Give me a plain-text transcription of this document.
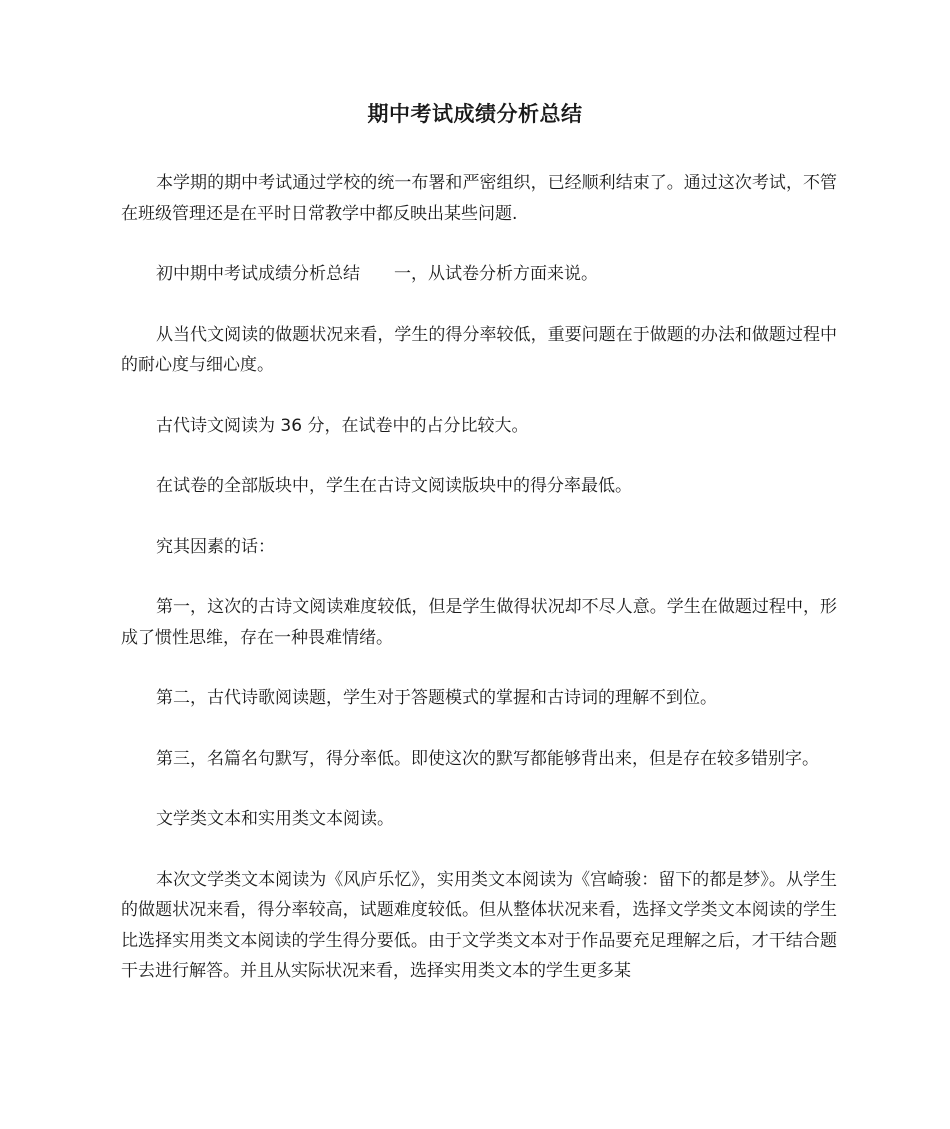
期中考试成绩分析总结

本学期的期中考试通过学校的统一布署和严密组织，已经顺利结束了。通过这次考试，不管在班级管理还是在平时日常教学中都反映出某些问题.

初中期中考试成绩分析总结 一，从试卷分析方面来说。

从当代文阅读的做题状况来看，学生的得分率较低，重要问题在于做题的办法和做题过程中的耐心度与细心度。

古代诗文阅读为 36 分，在试卷中的占分比较大。

在试卷的全部版块中，学生在古诗文阅读版块中的得分率最低。

究其因素的话：

第一，这次的古诗文阅读难度较低，但是学生做得状况却不尽人意。学生在做题过程中，形成了惯性思维，存在一种畏难情绪。

第二，古代诗歌阅读题，学生对于答题模式的掌握和古诗词的理解不到位。

第三，名篇名句默写，得分率低。即使这次的默写都能够背出来，但是存在较多错别字。

文学类文本和实用类文本阅读。

本次文学类文本阅读为《风庐乐忆》，实用类文本阅读为《宫崎骏：留下的都是梦》。从学生的做题状况来看，得分率较高，试题难度较低。但从整体状况来看，选择文学类文本阅读的学生比选择实用类文本阅读的学生得分要低。由于文学类文本对于作品要充足理解之后，才干结合题干去进行解答。并且从实际状况来看，选择实用类文本的学生更多某
